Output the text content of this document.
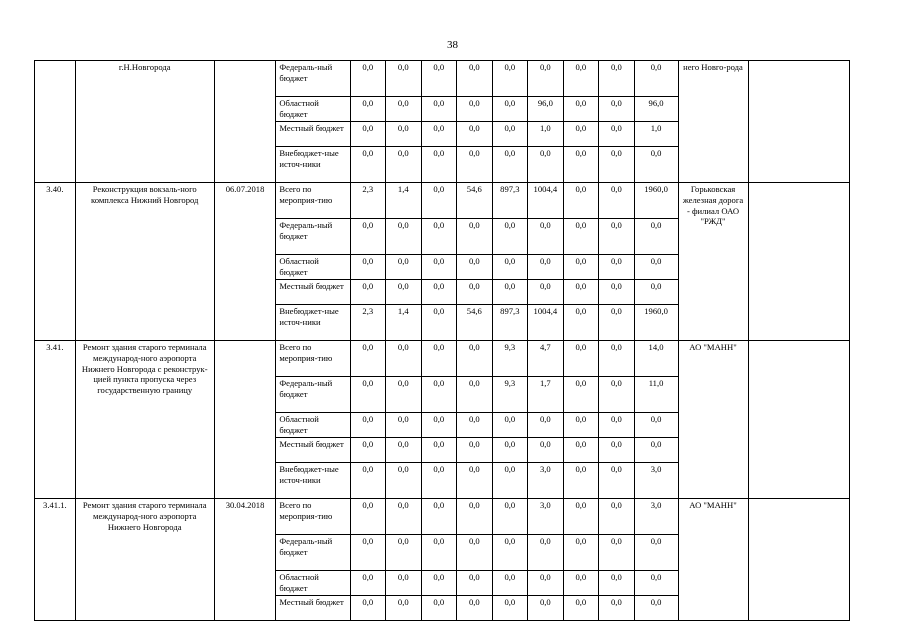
38
	г.Н.Новгорода		Федераль-ный бюджет	0,0	0,0	0,0	0,0	0,0	0,0	0,0	0,0	0,0	него Новго-рода	
			Областной бюджет	0,0	0,0	0,0	0,0	0,0	96,0	0,0	0,0	96,0		
			Местный бюджет	0,0	0,0	0,0	0,0	0,0	1,0	0,0	0,0	1,0		
			Внебюджет-ные источ-ники	0,0	0,0	0,0	0,0	0,0	0,0	0,0	0,0	0,0		
3.40.	Реконструкция вокзаль-ного комплекса Нижний Новгород	06.07.2018	Всего по мероприя-тию	2,3	1,4	0,0	54,6	897,3	1004,4	0,0	0,0	1960,0	Горьковская железная дорога - филиал ОАО "РЖД"	
			Федераль-ный бюджет	0,0	0,0	0,0	0,0	0,0	0,0	0,0	0,0	0,0		
			Областной бюджет	0,0	0,0	0,0	0,0	0,0	0,0	0,0	0,0	0,0		
			Местный бюджет	0,0	0,0	0,0	0,0	0,0	0,0	0,0	0,0	0,0		
			Внебюджет-ные источ-ники	2,3	1,4	0,0	54,6	897,3	1004,4	0,0	0,0	1960,0		
3.41.	Ремонт здания старого терминала международ-ного аэропорта Нижнего Новгорода с реконструк-цией пункта пропуска через государственную границу		Всего по мероприя-тию	0,0	0,0	0,0	0,0	9,3	4,7	0,0	0,0	14,0	АО "МАНН"	
			Федераль-ный бюджет	0,0	0,0	0,0	0,0	9,3	1,7	0,0	0,0	11,0		
			Областной бюджет	0,0	0,0	0,0	0,0	0,0	0,0	0,0	0,0	0,0		
			Местный бюджет	0,0	0,0	0,0	0,0	0,0	0,0	0,0	0,0	0,0		
			Внебюджет-ные источ-ники	0,0	0,0	0,0	0,0	0,0	3,0	0,0	0,0	3,0		
3.41.1.	Ремонт здания старого терминала международ-ного аэропорта Нижнего Новгорода	30.04.2018	Всего по мероприя-тию	0,0	0,0	0,0	0,0	0,0	3,0	0,0	0,0	3,0	АО "МАНН"	
			Федераль-ный бюджет	0,0	0,0	0,0	0,0	0,0	0,0	0,0	0,0	0,0		
			Областной бюджет	0,0	0,0	0,0	0,0	0,0	0,0	0,0	0,0	0,0		
			Местный бюджет	0,0	0,0	0,0	0,0	0,0	0,0	0,0	0,0	0,0		
